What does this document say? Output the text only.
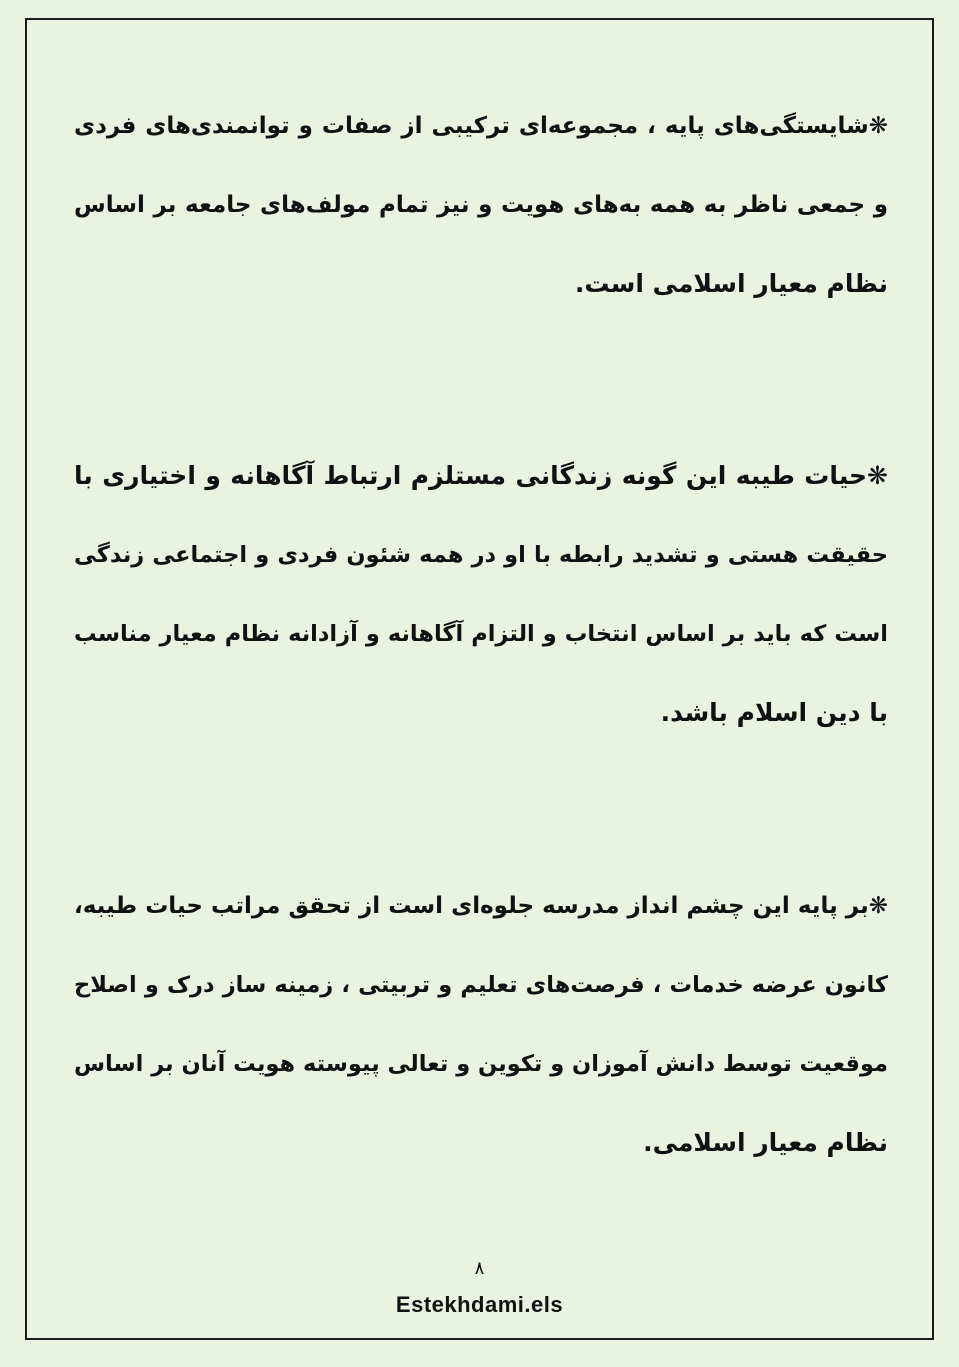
❋شایستگی‌های پایه ، مجموعه‌ای ترکیبی از صفات و توانمندی‌های فردی
و جمعی ناظر به همه به‌های هویت و نیز تمام مولف‌های جامعه بر اساس
نظام معیار اسلامی است.
❋حیات طیبه این گونه زندگانی مستلزم ارتباط آگاهانه و اختیاری با
حقیقت هستی و تشدید رابطه با او در همه شئون فردی و اجتماعی زندگی
است که باید بر اساس انتخاب و التزام آگاهانه و آزادانه نظام معیار مناسب
با دین اسلام باشد.
❋بر پایه این چشم انداز مدرسه جلوه‌ای است از تحقق مراتب حیات طیبه،
کانون عرضه خدمات ، فرصت‌های تعلیم و تربیتی ، زمینه ساز درک و اصلاح
موقعیت توسط دانش آموزان و تکوین و تعالی پیوسته هویت آنان بر اساس
نظام معیار اسلامی.
۸
Estekhdami.els
